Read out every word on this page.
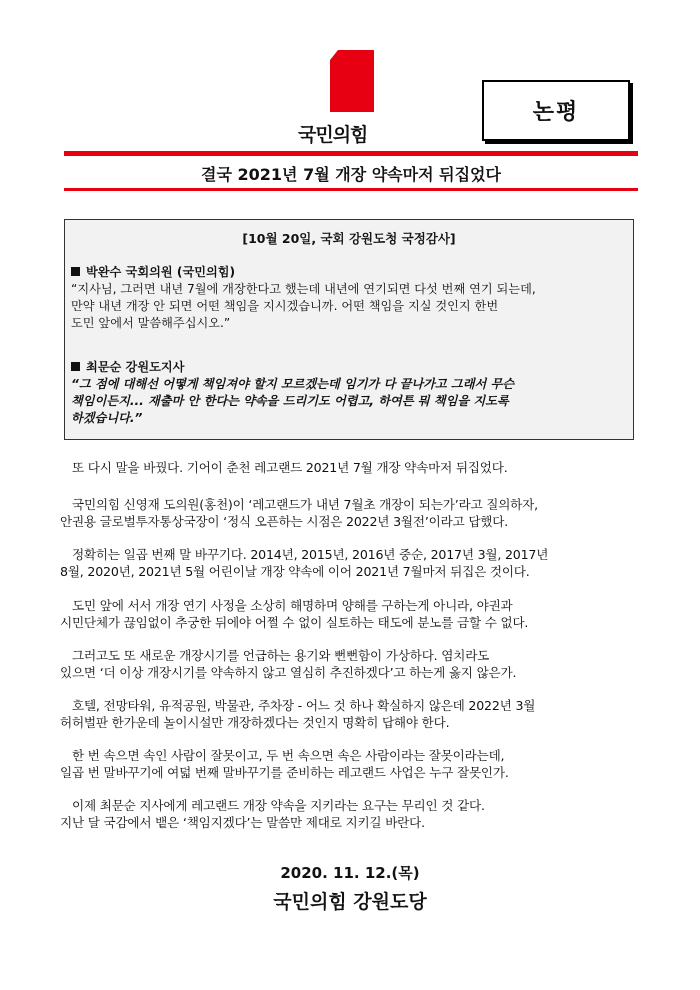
국민의힘
논평
결국 2021년 7월 개장 약속마저 뒤집었다
[10월 20일, 국회 강원도청 국정감사]
박완수 국회의원 (국민의힘)
“지사님, 그러면 내년 7월에 개장한다고 했는데 내년에 연기되면 다섯 번째 연기 되는데,
만약 내년 개장 안 되면 어떤 책임을 지시겠습니까. 어떤 책임을 지실 것인지 한번
도민 앞에서 말씀해주십시오.”
최문순 강원도지사
“그 점에 대해선 어떻게 책임져야 할지 모르겠는데 임기가 다 끝나가고 그래서 무슨
책임이든지... 재출마 안 한다는 약속을 드리기도 어렵고, 하여튼 뭐 책임을 지도록
하겠습니다.”
또 다시 말을 바꿨다. 기어이 춘천 레고랜드 2021년 7월 개장 약속마저 뒤집었다.
국민의힘 신영재 도의원(홍천)이 ‘레고랜드가 내년 7월초 개장이 되는가’라고 질의하자,
안권용 글로벌투자통상국장이 ‘정식 오픈하는 시점은 2022년 3월전’이라고 답했다.
정확히는 일곱 번째 말 바꾸기다. 2014년, 2015년, 2016년 중순, 2017년 3월, 2017년
8월, 2020년, 2021년 5월 어린이날 개장 약속에 이어 2021년 7월마저 뒤집은 것이다.
도민 앞에 서서 개장 연기 사정을 소상히 해명하며 양해를 구하는게 아니라, 야권과
시민단체가 끊임없이 추궁한 뒤에야 어쩔 수 없이 실토하는 태도에 분노를 금할 수 없다.
그러고도 또 새로운 개장시기를 언급하는 용기와 뻔뻔함이 가상하다. 염치라도
있으면 ‘더 이상 개장시기를 약속하지 않고 열심히 추진하겠다’고 하는게 옳지 않은가.
호텔, 전망타워, 유적공원, 박물관, 주차장 - 어느 것 하나 확실하지 않은데 2022년 3월
허허벌판 한가운데 놀이시설만 개장하겠다는 것인지 명확히 답해야 한다.
한 번 속으면 속인 사람이 잘못이고, 두 번 속으면 속은 사람이라는 잘못이라는데,
일곱 번 말바꾸기에 여덟 번째 말바꾸기를 준비하는 레고랜드 사업은 누구 잘못인가.
이제 최문순 지사에게 레고랜드 개장 약속을 지키라는 요구는 무리인 것 같다.
지난 달 국감에서 뱉은 ‘책임지겠다’는 말씀만 제대로 지키길 바란다.
2020. 11. 12.(목)
국민의힘 강원도당
